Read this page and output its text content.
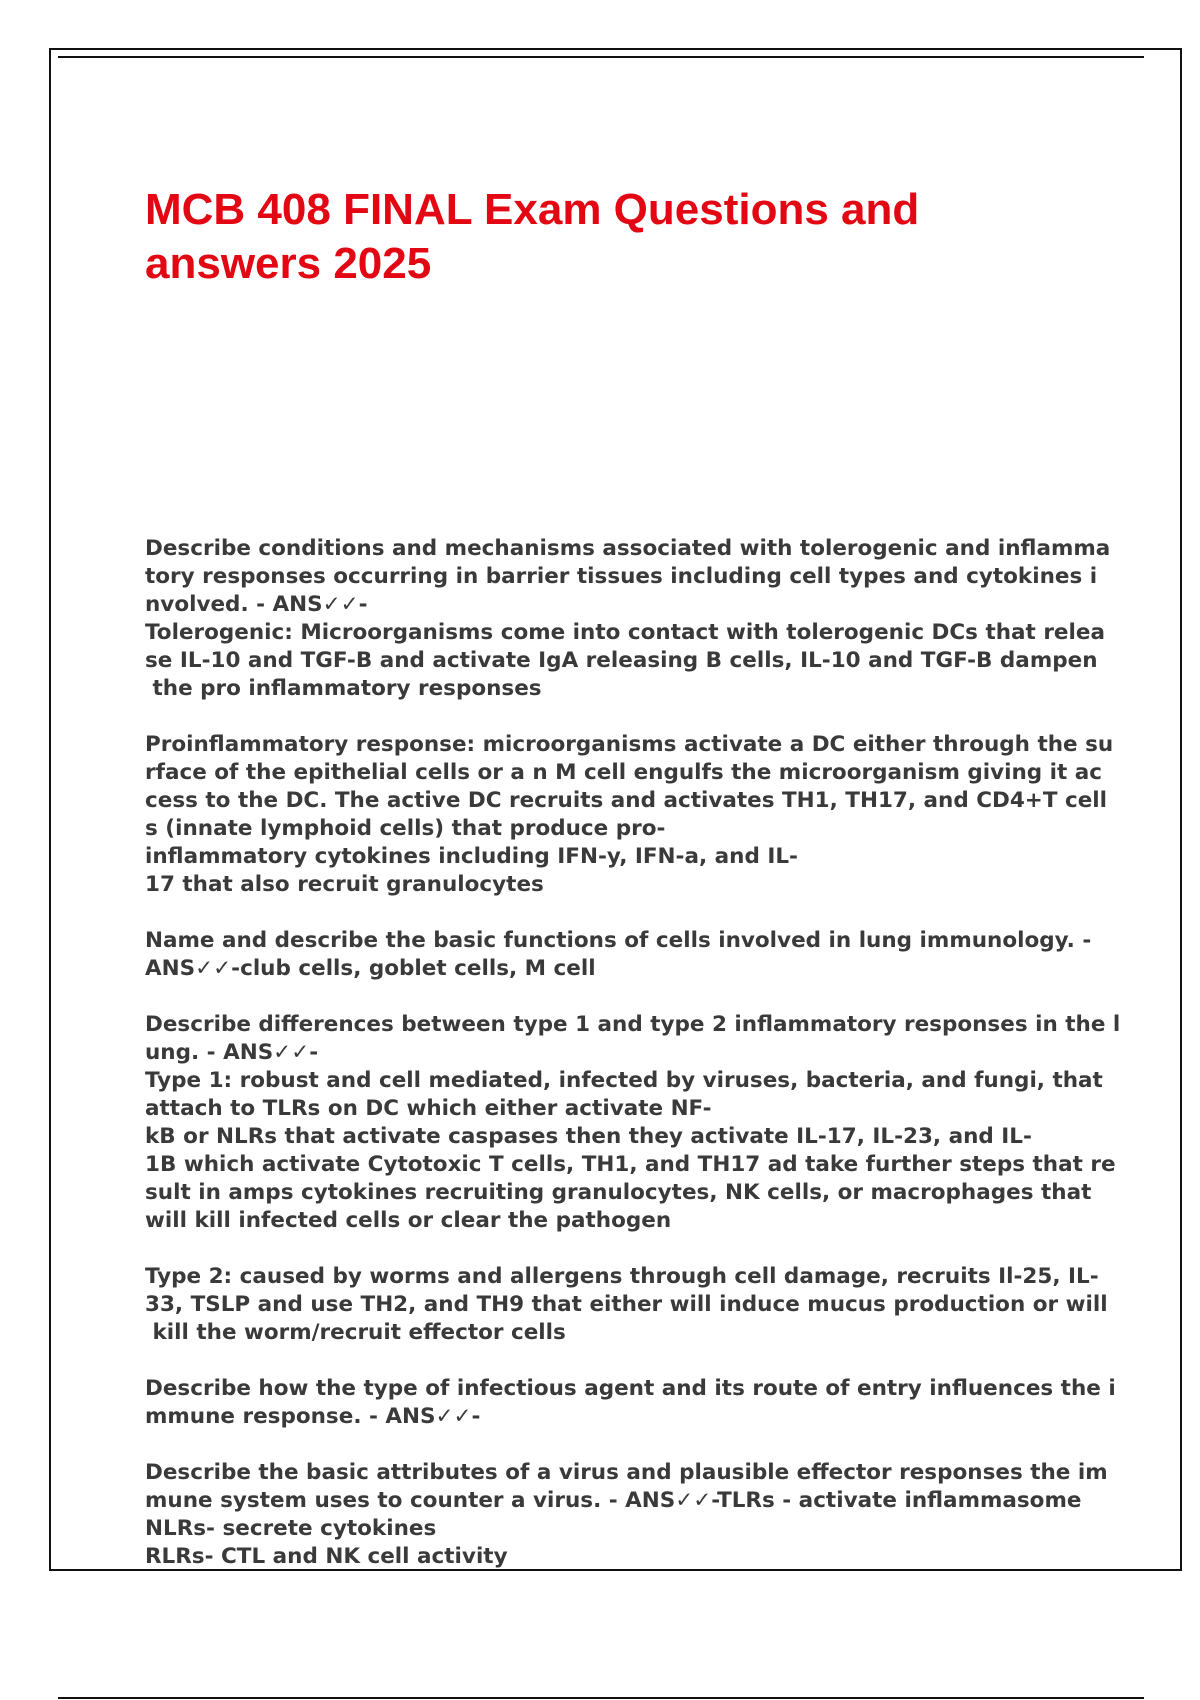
MCB 408 FINAL Exam Questions and
answers 2025
Describe conditions and mechanisms associated with tolerogenic and inflamma
tory responses occurring in barrier tissues including cell types and cytokines i
nvolved. - ANS✓✓-
Tolerogenic: Microorganisms come into contact with tolerogenic DCs that relea
se IL-10 and TGF-B and activate IgA releasing B cells, IL-10 and TGF-B dampen
the pro inflammatory responses
Proinflammatory response: microorganisms activate a DC either through the su
rface of the epithelial cells or a n M cell engulfs the microorganism giving it ac
cess to the DC. The active DC recruits and activates TH1, TH17, and CD4+T cell
s (innate lymphoid cells) that produce pro-
inflammatory cytokines including IFN-y, IFN-a, and IL-
17 that also recruit granulocytes
Name and describe the basic functions of cells involved in lung immunology. -
ANS✓✓-club cells, goblet cells, M cell
Describe differences between type 1 and type 2 inflammatory responses in the l
ung. - ANS✓✓-
Type 1: robust and cell mediated, infected by viruses, bacteria, and fungi, that
attach to TLRs on DC which either activate NF-
kB or NLRs that activate caspases then they activate IL-17, IL-23, and IL-
1B which activate Cytotoxic T cells, TH1, and TH17 ad take further steps that re
sult in amps cytokines recruiting granulocytes, NK cells, or macrophages that
will kill infected cells or clear the pathogen
Type 2: caused by worms and allergens through cell damage, recruits Il-25, IL-
33, TSLP and use TH2, and TH9 that either will induce mucus production or will
kill the worm/recruit effector cells
Describe how the type of infectious agent and its route of entry influences the i
mmune response. - ANS✓✓-
Describe the basic attributes of a virus and plausible effector responses the im
mune system uses to counter a virus. - ANS✓✓-TLRs - activate inflammasome
NLRs- secrete cytokines
RLRs- CTL and NK cell activity
